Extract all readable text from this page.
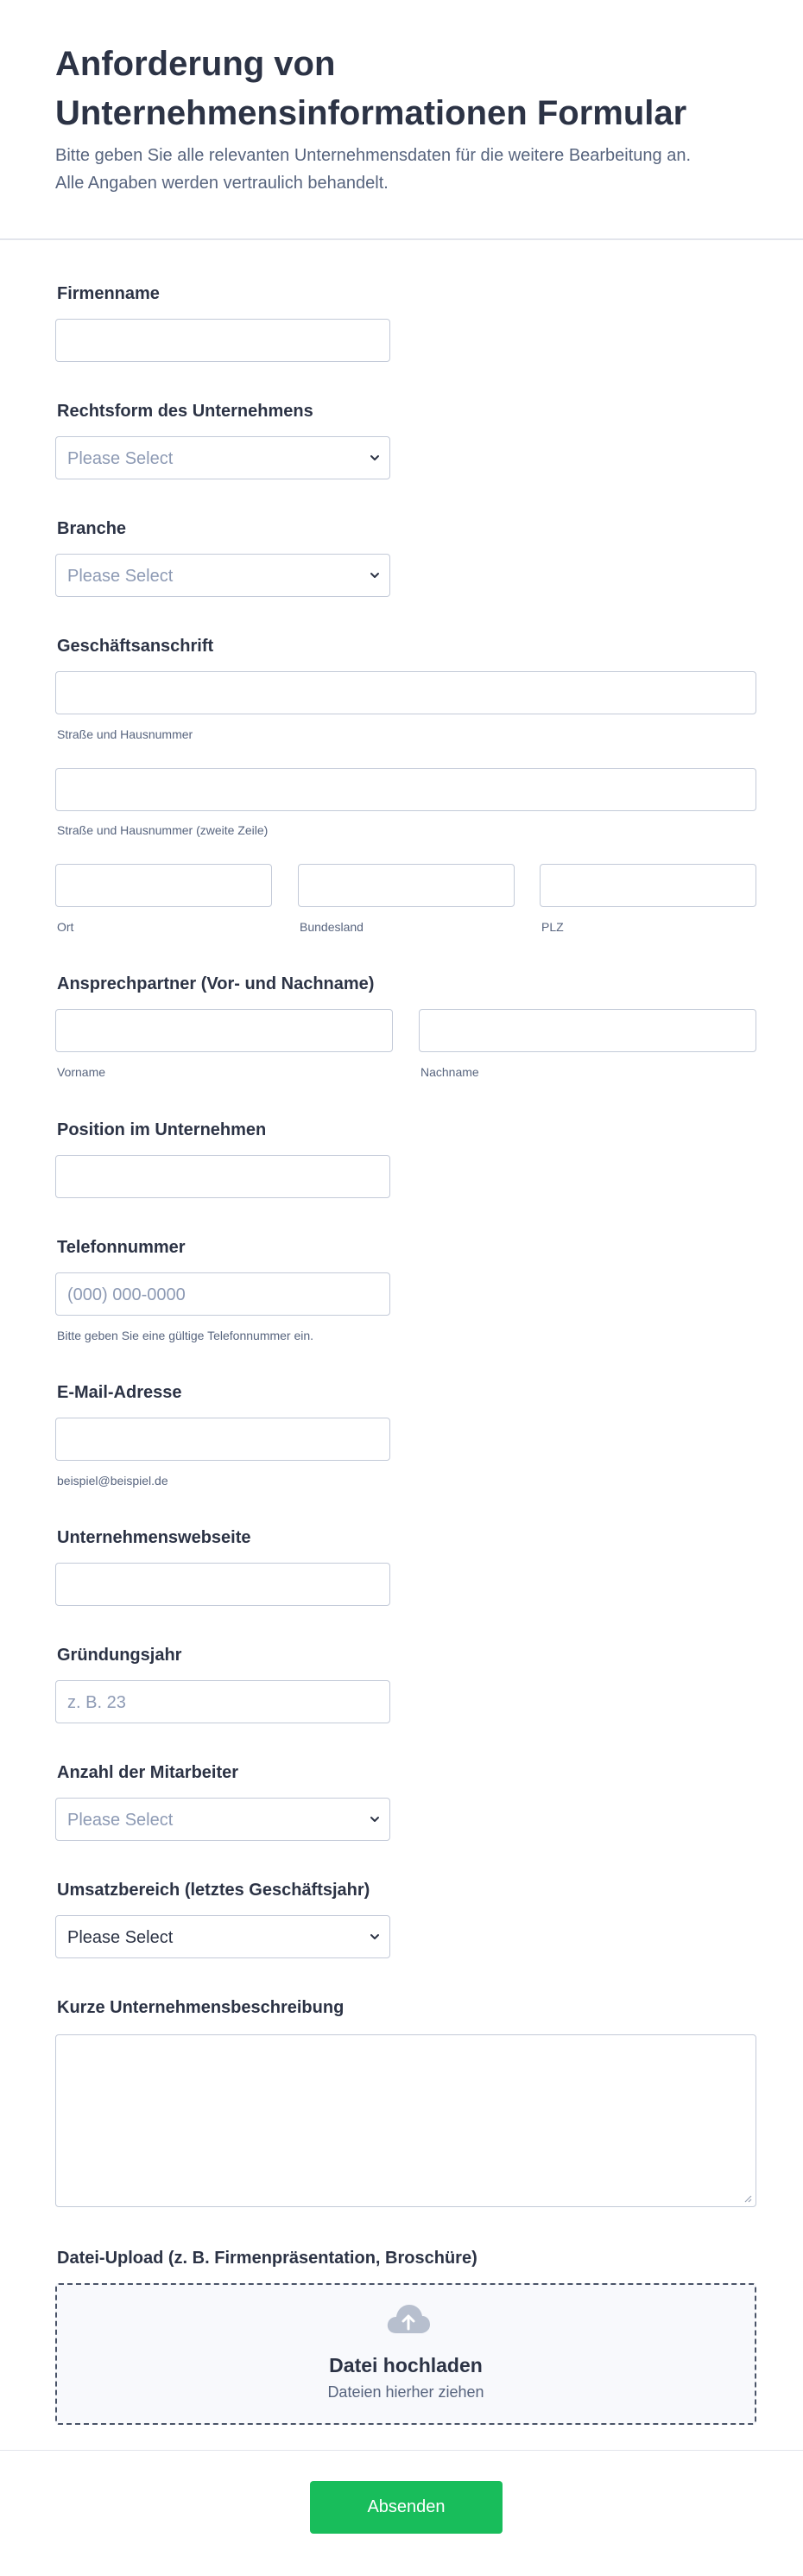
Anforderung von
Unternehmensinformationen Formular
Bitte geben Sie alle relevanten Unternehmensdaten für die weitere Bearbeitung an.
Alle Angaben werden vertraulich behandelt.
Firmenname
Rechtsform des Unternehmens
Please Select
Branche
Please Select
Geschäftsanschrift
Straße und Hausnummer
Straße und Hausnummer (zweite Zeile)
Ort	Bundesland	PLZ
Ansprechpartner (Vor- und Nachname)
Vorname	Nachname
Position im Unternehmen
Telefonnummer
(000) 000-0000
Bitte geben Sie eine gültige Telefonnummer ein.
E-Mail-Adresse
beispiel@beispiel.de
Unternehmenswebseite
Gründungsjahr
z. B. 23
Anzahl der Mitarbeiter
Please Select
Umsatzbereich (letztes Geschäftsjahr)
Please Select
Kurze Unternehmensbeschreibung
Datei-Upload (z. B. Firmenpräsentation, Broschüre)
Datei hochladen
Dateien hierher ziehen
Absenden
